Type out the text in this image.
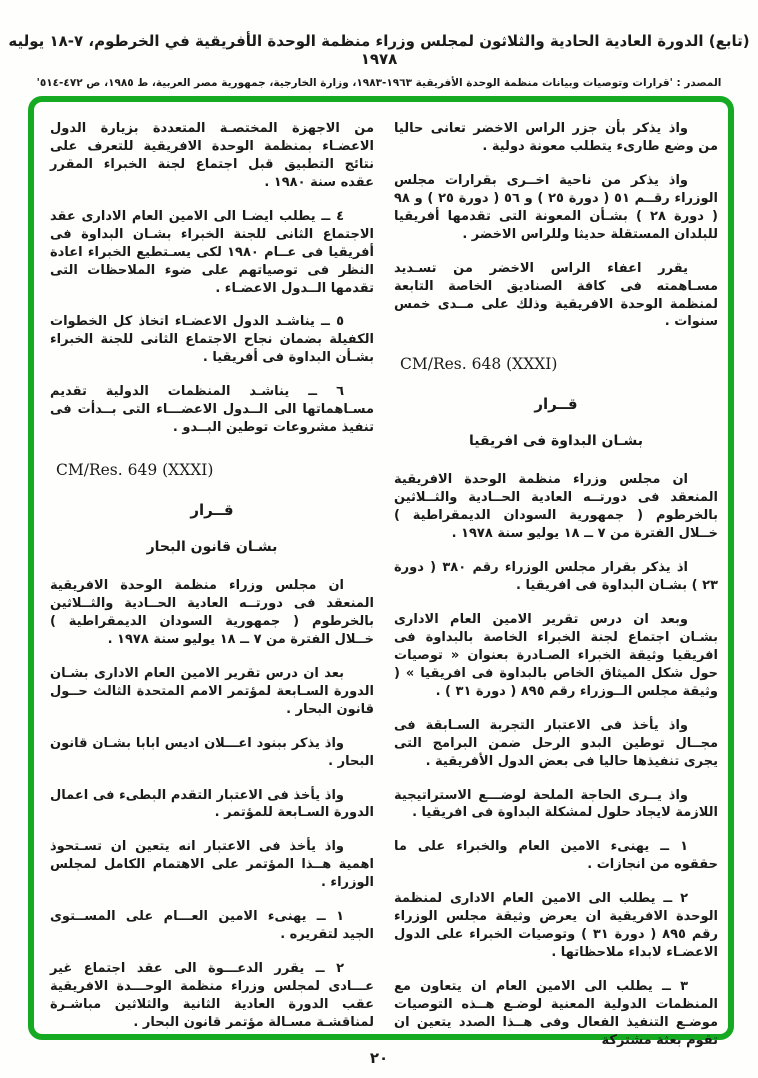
(تابع) الدورة العادية الحادية والثلاثون لمجلس وزراء منظمة الوحدة الأفريقية في الخرطوم، ٧-١٨ يوليه ١٩٧٨
المصدر : 'قرارات وتوصيات وبيانات منظمة الوحدة الأفريقية ١٩٦٣-١٩٨٣، وزارة الخارجية، جمهورية مصر العربية، ط ١٩٨٥، ص ٤٧٢-٥١٤'

واذ يذكر بأن جزر الراس الاخضر تعانى حاليا من وضع طارىء يتطلب معونة دولية .

واذ يذكر من ناحية اخــرى بقرارات مجلس الوزراء رقــم ٥١ ( دورة ٢٥ ) و ٥٦ ( دورة ٢٥ ) و ٩٨ ( دورة ٢٨ ) بشـأن المعونة التى تقدمها أفريقيا للبلدان المستقلة حديثا وللراس الاخضر .

يقرر اعفاء الراس الاخضر من تسـديد مسـاهمته فى كافة الصناديق الخاصة التابعة لمنظمة الوحدة الافريقية وذلك على مــدى خمس سنوات .

CM/Res. 648 (XXXI)
قــرار
بشـان البداوة فى افريقيا

ان مجلس وزراء منظمة الوحدة الافريقية المنعقد فى دورتــه العادية الحــادية والثــلاثين بالخرطوم ( جمهورية السودان الديمقراطية ) خــلال الفترة من ٧ ــ ١٨ يوليو سنة ١٩٧٨ .

اذ يذكر بقرار مجلس الوزراء رقم ٣٨٠ ( دورة ٢٣ ) بشـان البداوة فى افريقيا .

وبعد ان درس تقرير الامين العام الادارى بشـان اجتماع لجنة الخبراء الخاصة بالبداوة فى افريقيا وثيقة الخبراء الصـادرة بعنوان « توصيات حول شكل الميثاق الخاص بالبداوة فى افريقيا » ( وثيقة مجلس الــوزراء رقم ٨٩٥ ( دورة ٣١ ) .

واذ يأخذ فى الاعتبار التجربة السـابقة فى مجــال توطين البدو الرحل ضمن البرامج التى يجرى تنفيذها حاليا فى بعض الدول الأفريقية .

واذ يــرى الحاجة الملحة لوضـــع الاستراتيجية اللازمة لايجاد حلول لمشكلة البداوة فى افريقيا .

١ ــ يهنىء الامين العام والخبراء على ما حققوه من انجازات .

٢ ــ يطلب الى الامين العام الادارى لمنظمة الوحدة الافريقية ان يعرض وثيقة مجلس الوزراء رقم ٨٩٥ ( دورة ٣١ ) وتوصيات الخبراء على الدول الاعضـاء لابداء ملاحظاتها .

٣ ــ يطلب الى الامين العام ان يتعاون مع المنظمات الدولية المعنية لوضـع هــذه التوصيات موضـع التنفيذ الفعال وفى هــذا الصدد يتعين ان تقوم بعثة مشتركة

من الاجهزة المختصـة المتعددة بزيارة الدول الاعضـاء بمنظمة الوحدة الافريقية للتعرف على نتائج التطبيق قبل اجتماع لجنة الخبراء المقرر عقده سنة ١٩٨٠ .

٤ ــ يطلب ايضـا الى الامين العام الادارى عقد الاجتماع الثانى للجنة الخبراء بشـان البداوة فى أفريقيا فى عــام ١٩٨٠ لكى يسـتطيع الخبراء اعادة النظر فى توصياتهم على ضوء الملاحظات التى تقدمها الــدول الاعضـاء .

٥ ــ يناشـد الدول الاعضـاء اتخاذ كل الخطوات الكفيلة بضمان نجاح الاجتماع الثانى للجنة الخبراء بشـأن البداوة فى أفريقيا .

٦ ــ يناشـد المنظمات الدولية تقديم مسـاهماتها الى الــدول الاعضـــاء التى بــدأت فى تنفيذ مشروعات توطين البــدو .

CM/Res. 649 (XXXI)
قــرار
بشـان قانون البحار

ان مجلس وزراء منظمة الوحدة الافريقية المنعقد فى دورتــه العادية الحــادية والثــلاثين بالخرطوم ( جمهورية السودان الديمقراطية ) خــلال الفترة من ٧ ــ ١٨ يوليو سنة ١٩٧٨ .

بعد ان درس تقرير الامين العام الادارى بشـان الدورة السـابعة لمؤتمر الامم المتحدة الثالث حــول قانون البحار .

واذ يذكر ببنود اعـــلان اديس ابابا بشـان قانون البحار .

واذ يأخذ فى الاعتبار التقدم البطىء فى اعمال الدورة السـابعة للمؤتمر .

واذ يأخذ فى الاعتبار انه يتعين ان تسـتحوذ اهمية هــذا المؤتمر على الاهتمام الكامل لمجلس الوزراء .

١ ــ يهنىء الامين العـــام على المســتوى الجيد لتقريره .

٢ ــ يقرر الدعـــوة الى عقد اجتماع غير عـــادى لمجلس وزراء منظمة الوحـــدة الافريقية عقب الدورة العادية الثانية والثلاثين مباشـرة لمناقشـة مسـالة مؤتمر قانون البحار .

٢٠
